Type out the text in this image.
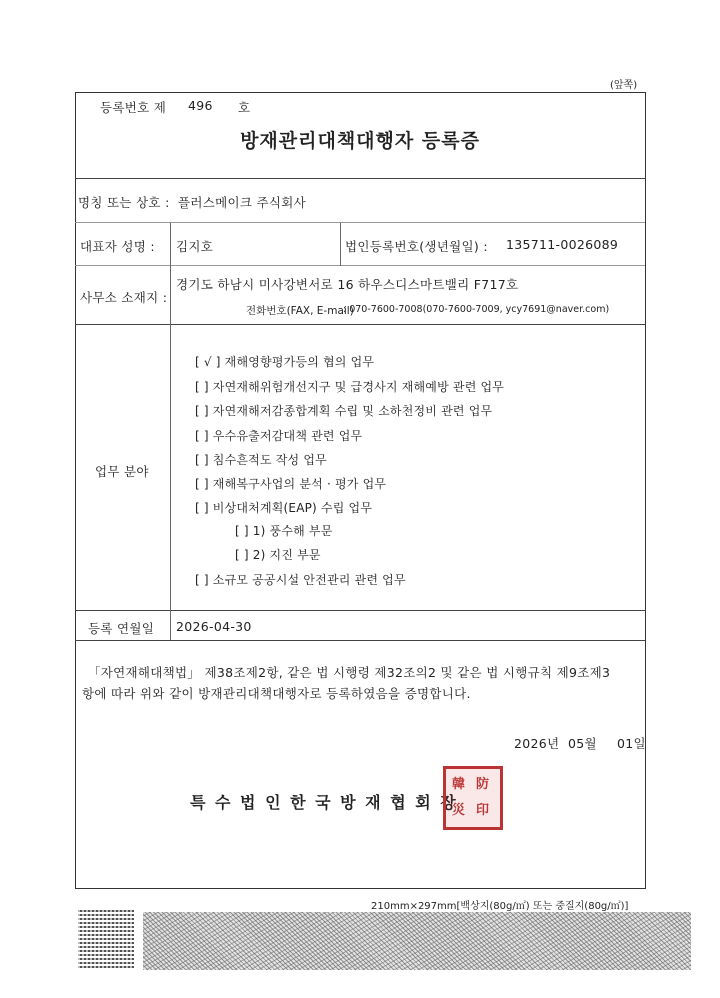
(앞쪽)
등록번호 제 496 호
방재관리대책대행자 등록증
명칭 또는 상호 : 플러스메이크 주식회사
대표자 성명 : 김지호	법인등록번호(생년월일) : 135711-0026089
사무소 소재지 :
경기도 하남시 미사강변서로 16 하우스디스마트밸리 F717호
전화번호(FAX, E-mail)
: 070-7600-7008(070-7600-7009, ycy7691@naver.com)
업무 분야
[ √ ] 재해영향평가등의 협의 업무
[ ] 자연재해위험개선지구 및 급경사지 재해예방 관련 업무
[ ] 자연재해저감종합계획 수립 및 소하천정비 관련 업무
[ ] 우수유출저감대책 관련 업무
[ ] 침수흔적도 작성 업무
[ ] 재해복구사업의 분석 · 평가 업무
[ ] 비상대처계획(EAP) 수립 업무
[ ] 1) 풍수해 부문
[ ] 2) 지진 부문
[ ] 소규모 공공시설 안전관리 관련 업무
등록 연월일 2026-04-30
「자연재해대책법」 제38조제2항, 같은 법 시행령 제32조의2 및 같은 법 시행규칙 제9조제3
항에 따라 위와 같이 방재관리대책대행자로 등록하였음을 증명합니다.
2026년 05월 01일
특 수 법 인 한 국 방 재 협 회 장
韓 防
災 印
210mm×297mm[백상지(80g/㎡) 또는 중질지(80g/㎡)]
